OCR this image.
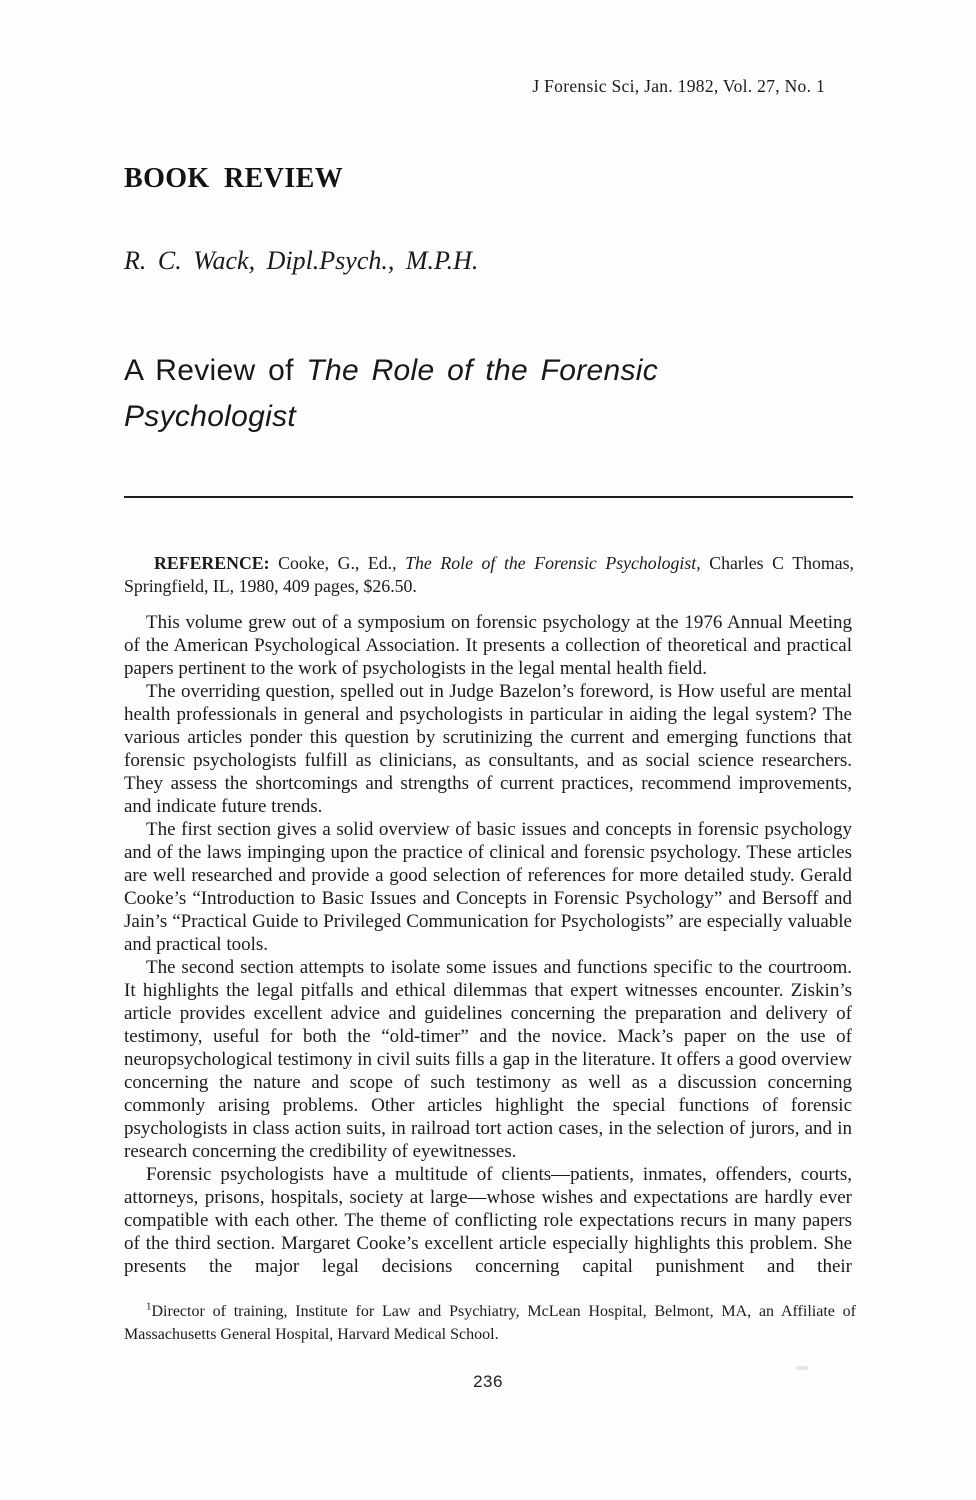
J Forensic Sci, Jan. 1982, Vol. 27, No. 1
BOOK REVIEW

R. C. Wack, Dipl.Psych., M.P.H.

A Review of The Role of the Forensic Psychologist

REFERENCE: Cooke, G., Ed., The Role of the Forensic Psychologist, Charles C Thomas, Springfield, IL, 1980, 409 pages, $26.50.

This volume grew out of a symposium on forensic psychology at the 1976 Annual Meeting of the American Psychological Association. It presents a collection of theoretical and practical papers pertinent to the work of psychologists in the legal mental health field.

The overriding question, spelled out in Judge Bazelon’s foreword, is How useful are mental health professionals in general and psychologists in particular in aiding the legal system? The various articles ponder this question by scrutinizing the current and emerging functions that forensic psychologists fulfill as clinicians, as consultants, and as social science researchers. They assess the shortcomings and strengths of current practices, recommend improvements, and indicate future trends.

The first section gives a solid overview of basic issues and concepts in forensic psychology and of the laws impinging upon the practice of clinical and forensic psychology. These articles are well researched and provide a good selection of references for more detailed study. Gerald Cooke’s “Introduction to Basic Issues and Concepts in Forensic Psychology” and Bersoff and Jain’s “Practical Guide to Privileged Communication for Psychologists” are especially valuable and practical tools.

The second section attempts to isolate some issues and functions specific to the courtroom. It highlights the legal pitfalls and ethical dilemmas that expert witnesses encounter. Ziskin’s article provides excellent advice and guidelines concerning the preparation and delivery of testimony, useful for both the “old-timer” and the novice. Mack’s paper on the use of neuropsychological testimony in civil suits fills a gap in the literature. It offers a good overview concerning the nature and scope of such testimony as well as a discussion concerning commonly arising problems. Other articles highlight the special functions of forensic psychologists in class action suits, in railroad tort action cases, in the selection of jurors, and in research concerning the credibility of eyewitnesses.

Forensic psychologists have a multitude of clients—patients, inmates, offenders, courts, attorneys, prisons, hospitals, society at large—whose wishes and expectations are hardly ever compatible with each other. The theme of conflicting role expectations recurs in many papers of the third section. Margaret Cooke’s excellent article especially highlights this problem. She presents the major legal decisions concerning capital punishment and their

$^1$Director of training, Institute for Law and Psychiatry, McLean Hospital, Belmont, MA, an Affiliate of Massachusetts General Hospital, Harvard Medical School.

236
